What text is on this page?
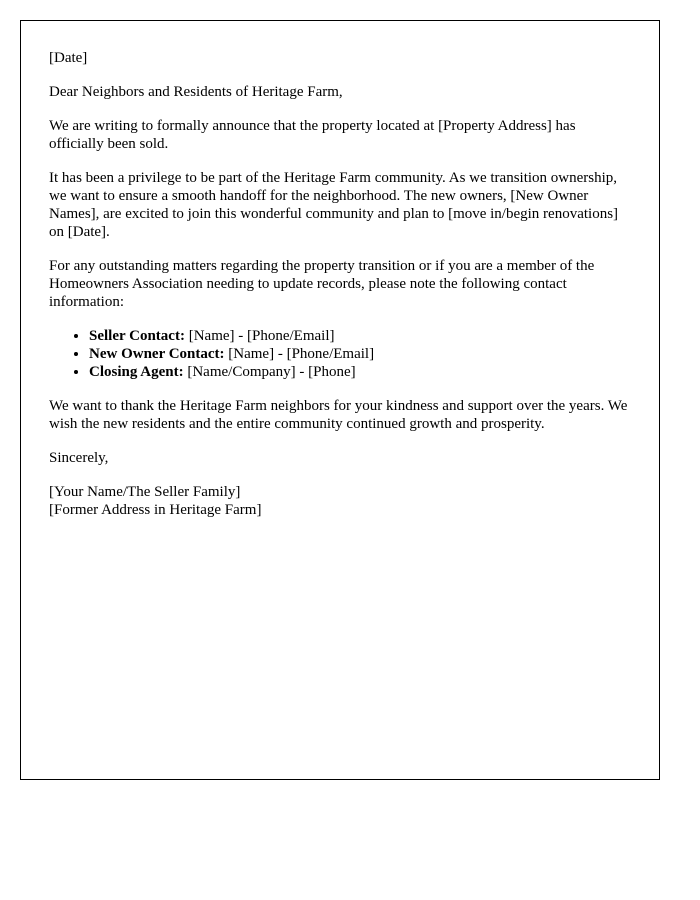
[Date]

Dear Neighbors and Residents of Heritage Farm,

We are writing to formally announce that the property located at [Property Address] has officially been sold.

It has been a privilege to be part of the Heritage Farm community. As we transition ownership, we want to ensure a smooth handoff for the neighborhood. The new owners, [New Owner Names], are excited to join this wonderful community and plan to [move in/begin renovations] on [Date].

For any outstanding matters regarding the property transition or if you are a member of the Homeowners Association needing to update records, please note the following contact information:

• Seller Contact: [Name] - [Phone/Email]
• New Owner Contact: [Name] - [Phone/Email]
• Closing Agent: [Name/Company] - [Phone]

We want to thank the Heritage Farm neighbors for your kindness and support over the years. We wish the new residents and the entire community continued growth and prosperity.

Sincerely,

[Your Name/The Seller Family]
[Former Address in Heritage Farm]
